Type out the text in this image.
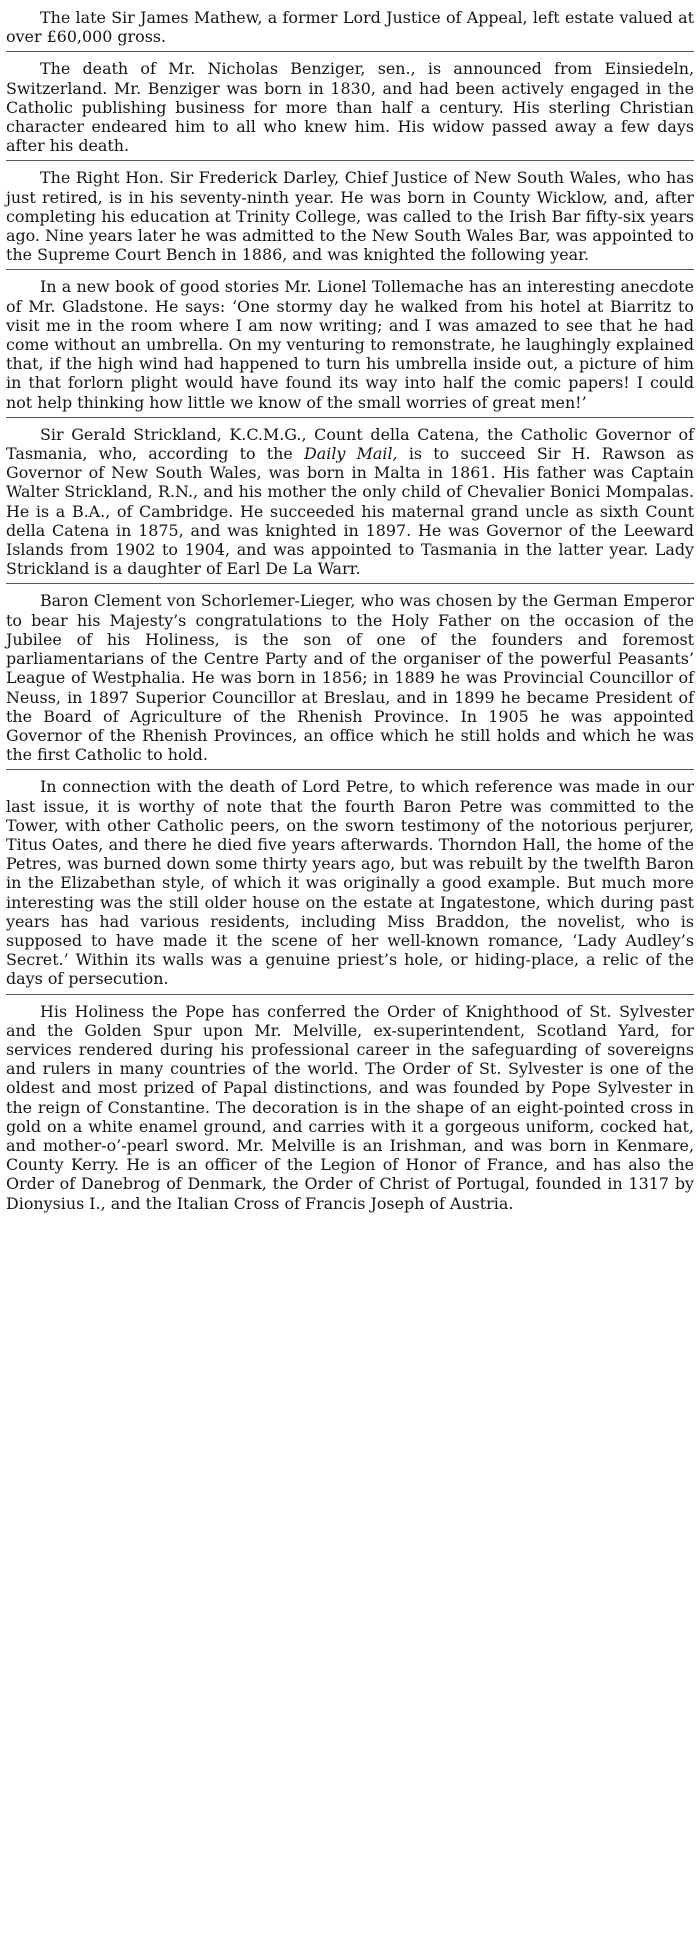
The late Sir James Mathew, a former Lord Justice of Appeal, left estate valued at over £60,000 gross.

The death of Mr. Nicholas Benziger, sen., is announced from Einsiedeln, Switzerland. Mr. Benziger was born in 1830, and had been actively engaged in the Catholic publishing business for more than half a century. His sterling Christian character endeared him to all who knew him. His widow passed away a few days after his death.

The Right Hon. Sir Frederick Darley, Chief Justice of New South Wales, who has just retired, is in his seventy-ninth year. He was born in County Wicklow, and, after completing his education at Trinity College, was called to the Irish Bar fifty-six years ago. Nine years later he was admitted to the New South Wales Bar, was appointed to the Supreme Court Bench in 1886, and was knighted the following year.

In a new book of good stories Mr. Lionel Tollemache has an interesting anecdote of Mr. Gladstone. He says: ‘One stormy day he walked from his hotel at Biarritz to visit me in the room where I am now writing; and I was amazed to see that he had come without an umbrella. On my venturing to remonstrate, he laughingly explained that, if the high wind had happened to turn his umbrella inside out, a picture of him in that forlorn plight would have found its way into half the comic papers! I could not help thinking how little we know of the small worries of great men!’

Sir Gerald Strickland, K.C.M.G., Count della Catena, the Catholic Governor of Tasmania, who, according to the Daily Mail, is to succeed Sir H. Rawson as Governor of New South Wales, was born in Malta in 1861. His father was Captain Walter Strickland, R.N., and his mother the only child of Chevalier Bonici Mompalas. He is a B.A., of Cambridge. He succeeded his maternal grand uncle as sixth Count della Catena in 1875, and was knighted in 1897. He was Governor of the Leeward Islands from 1902 to 1904, and was appointed to Tasmania in the latter year. Lady Strickland is a daughter of Earl De La Warr.

Baron Clement von Schorlemer-Lieger, who was chosen by the German Emperor to bear his Majesty’s congratulations to the Holy Father on the occasion of the Jubilee of his Holiness, is the son of one of the founders and foremost parliamentarians of the Centre Party and of the organiser of the powerful Peasants’ League of Westphalia. He was born in 1856; in 1889 he was Provincial Councillor of Neuss, in 1897 Superior Councillor at Breslau, and in 1899 he became President of the Board of Agriculture of the Rhenish Province. In 1905 he was appointed Governor of the Rhenish Provinces, an office which he still holds and which he was the first Catholic to hold.

In connection with the death of Lord Petre, to which reference was made in our last issue, it is worthy of note that the fourth Baron Petre was committed to the Tower, with other Catholic peers, on the sworn testimony of the notorious perjurer, Titus Oates, and there he died five years afterwards. Thorndon Hall, the home of the Petres, was burned down some thirty years ago, but was rebuilt by the twelfth Baron in the Elizabethan style, of which it was originally a good example. But much more interesting was the still older house on the estate at Ingatestone, which during past years has had various residents, including Miss Braddon, the novelist, who is supposed to have made it the scene of her well-known romance, ‘Lady Audley’s Secret.’ Within its walls was a genuine priest’s hole, or hiding-place, a relic of the days of persecution.

His Holiness the Pope has conferred the Order of Knighthood of St. Sylvester and the Golden Spur upon Mr. Melville, ex-superintendent, Scotland Yard, for services rendered during his professional career in the safeguarding of sovereigns and rulers in many countries of the world. The Order of St. Sylvester is one of the oldest and most prized of Papal distinctions, and was founded by Pope Sylvester in the reign of Constantine. The decoration is in the shape of an eight-pointed cross in gold on a white enamel ground, and carries with it a gorgeous uniform, cocked hat, and mother-o’-pearl sword. Mr. Melville is an Irishman, and was born in Kenmare, County Kerry. He is an officer of the Legion of Honor of France, and has also the Order of Danebrog of Denmark, the Order of Christ of Portugal, founded in 1317 by Dionysius I., and the Italian Cross of Francis Joseph of Austria.
